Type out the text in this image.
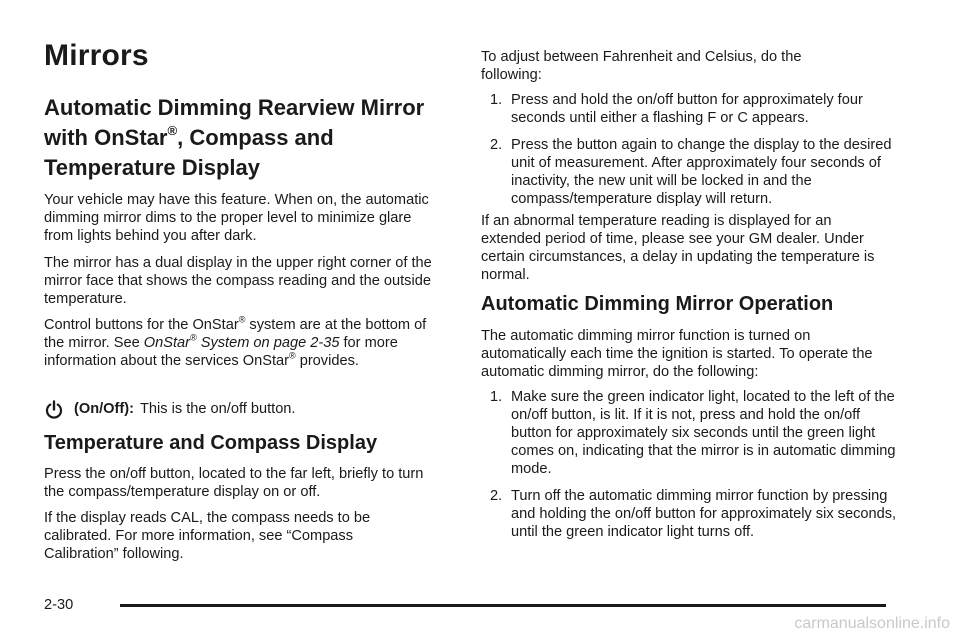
Mirrors
Automatic Dimming Rearview Mirror
with OnStar®, Compass and
Temperature Display

Your vehicle may have this feature. When on, the automatic dimming mirror dims to the proper level to minimize glare from lights behind you after dark.

The mirror has a dual display in the upper right corner of the mirror face that shows the compass reading and the outside temperature.

Control buttons for the OnStar® system are at the bottom of the mirror. See OnStar® System on page 2-35 for more information about the services OnStar® provides.

(On/Off): This is the on/off button.

Temperature and Compass Display

Press the on/off button, located to the far left, briefly to turn the compass/temperature display on or off.

If the display reads CAL, the compass needs to be calibrated. For more information, see “Compass Calibration” following.

To adjust between Fahrenheit and Celsius, do the following:

1. Press and hold the on/off button for approximately four seconds until either a flashing F or C appears.
2. Press the button again to change the display to the desired unit of measurement. After approximately four seconds of inactivity, the new unit will be locked in and the compass/temperature display will return.

If an abnormal temperature reading is displayed for an extended period of time, please see your GM dealer. Under certain circumstances, a delay in updating the temperature is normal.

Automatic Dimming Mirror Operation

The automatic dimming mirror function is turned on automatically each time the ignition is started. To operate the automatic dimming mirror, do the following:

1. Make sure the green indicator light, located to the left of the on/off button, is lit. If it is not, press and hold the on/off button for approximately six seconds until the green light comes on, indicating that the mirror is in automatic dimming mode.
2. Turn off the automatic dimming mirror function by pressing and holding the on/off button for approximately six seconds, until the green indicator light turns off.
2-30
carmanualsonline.info
